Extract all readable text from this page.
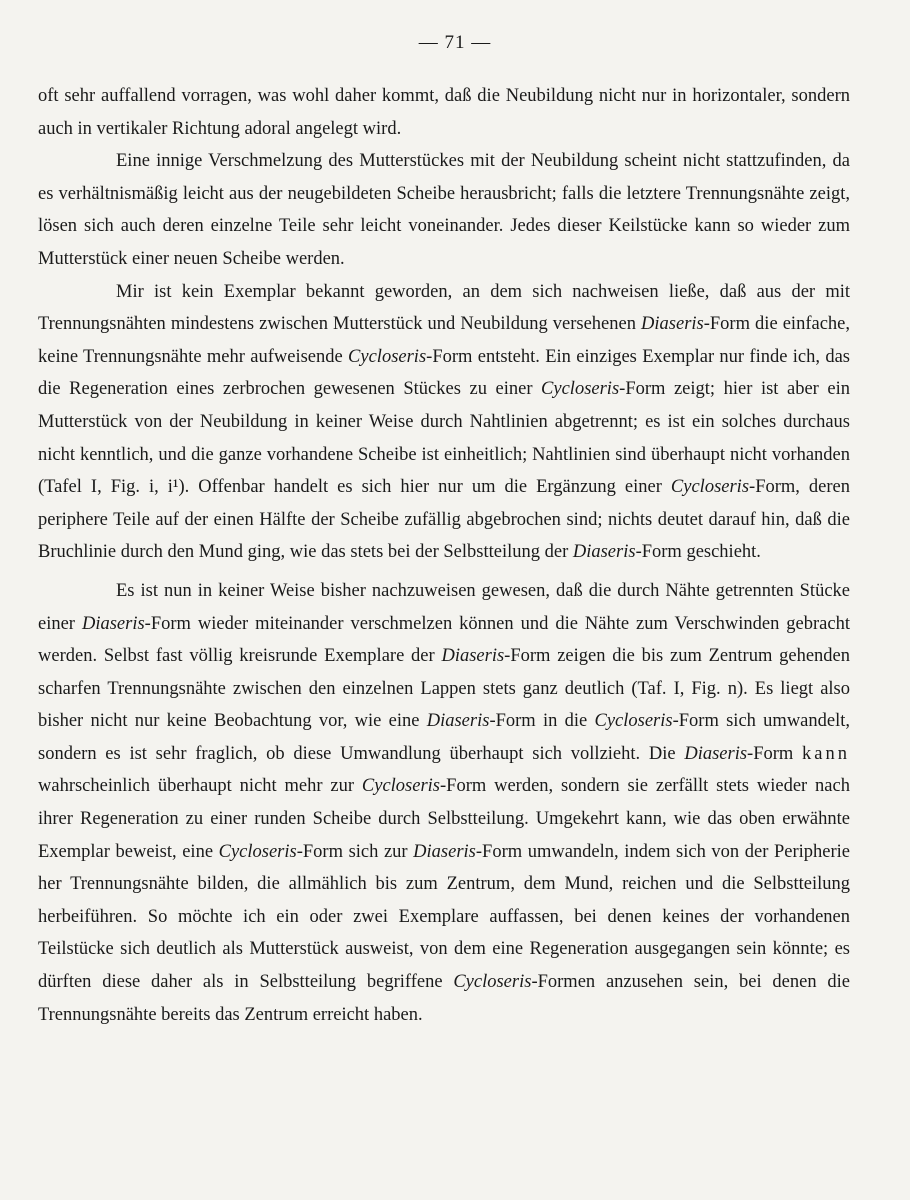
— 71 —

oft sehr auffallend vorragen, was wohl daher kommt, daß die Neubildung nicht nur in horizontaler, sondern auch in vertikaler Richtung adoral angelegt wird.

Eine innige Verschmelzung des Mutterstückes mit der Neubildung scheint nicht stattzufinden, da es verhältnismäßig leicht aus der neugebildeten Scheibe herausbricht; falls die letztere Trennungsnähte zeigt, lösen sich auch deren einzelne Teile sehr leicht voneinander. Jedes dieser Keilstücke kann so wieder zum Mutterstück einer neuen Scheibe werden.

Mir ist kein Exemplar bekannt geworden, an dem sich nachweisen ließe, daß aus der mit Trennungsnähten mindestens zwischen Mutterstück und Neubildung versehenen Diaseris-Form die einfache, keine Trennungsnähte mehr aufweisende Cycloseris-Form entsteht. Ein einziges Exemplar nur finde ich, das die Regeneration eines zerbrochen gewesenen Stückes zu einer Cycloseris-Form zeigt; hier ist aber ein Mutterstück von der Neubildung in keiner Weise durch Nahtlinien abgetrennt; es ist ein solches durchaus nicht kenntlich, und die ganze vorhandene Scheibe ist einheitlich; Nahtlinien sind überhaupt nicht vorhanden (Tafel I, Fig. i, i¹). Offenbar handelt es sich hier nur um die Ergänzung einer Cycloseris-Form, deren periphere Teile auf der einen Hälfte der Scheibe zufällig abgebrochen sind; nichts deutet darauf hin, daß die Bruchlinie durch den Mund ging, wie das stets bei der Selbstteilung der Diaseris-Form geschieht.

Es ist nun in keiner Weise bisher nachzuweisen gewesen, daß die durch Nähte getrennten Stücke einer Diaseris-Form wieder miteinander verschmelzen können und die Nähte zum Verschwinden gebracht werden. Selbst fast völlig kreisrunde Exemplare der Diaseris-Form zeigen die bis zum Zentrum gehenden scharfen Trennungsnähte zwischen den einzelnen Lappen stets ganz deutlich (Taf. I, Fig. n). Es liegt also bisher nicht nur keine Beobachtung vor, wie eine Diaseris-Form in die Cycloseris-Form sich umwandelt, sondern es ist sehr fraglich, ob diese Umwandlung überhaupt sich vollzieht. Die Diaseris-Form kann wahrscheinlich überhaupt nicht mehr zur Cycloseris-Form werden, sondern sie zerfällt stets wieder nach ihrer Regeneration zu einer runden Scheibe durch Selbstteilung. Umgekehrt kann, wie das oben erwähnte Exemplar beweist, eine Cycloseris-Form sich zur Diaseris-Form umwandeln, indem sich von der Peripherie her Trennungsnähte bilden, die allmählich bis zum Zentrum, dem Mund, reichen und die Selbstteilung herbeiführen. So möchte ich ein oder zwei Exemplare auffassen, bei denen keines der vorhandenen Teilstücke sich deutlich als Mutterstück ausweist, von dem eine Regeneration ausgegangen sein könnte; es dürften diese daher als in Selbstteilung begriffene Cycloseris-Formen anzusehen sein, bei denen die Trennungsnähte bereits das Zentrum erreicht haben.
